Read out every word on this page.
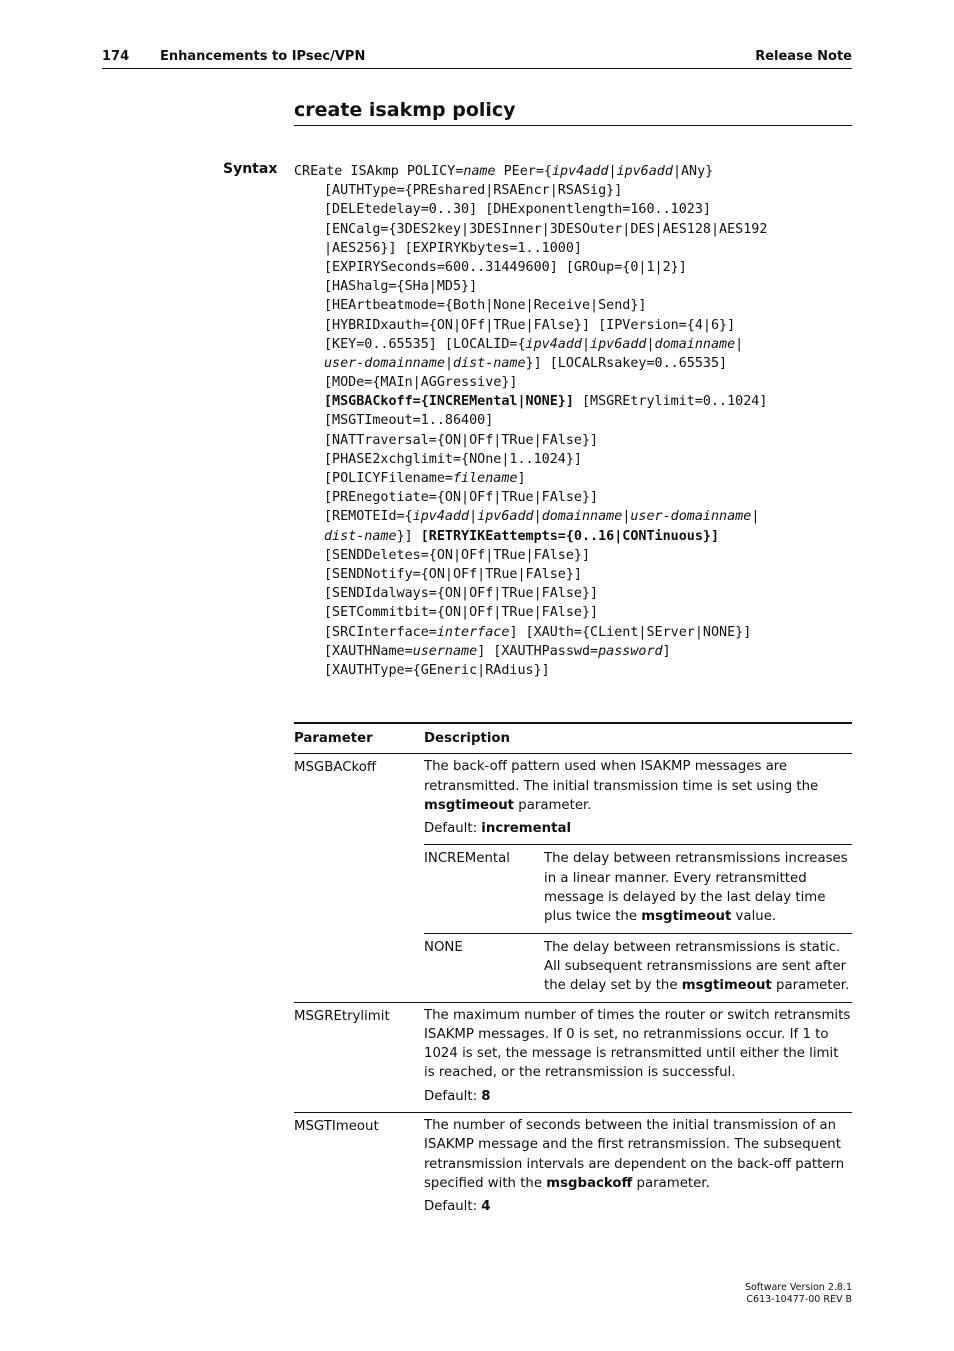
174 Enhancements to IPsec/VPN	Release Note
create isakmp policy
Syntax CREate ISAkmp POLICY=name PEer={ipv4add|ipv6add|ANy}
[AUTHType={PREshared|RSAEncr|RSASig}]
[DELEtedelay=0..30] [DHExponentlength=160..1023]
[ENCalg={3DES2key|3DESInner|3DESOuter|DES|AES128|AES192
|AES256}] [EXPIRYKbytes=1..1000]
[EXPIRYSeconds=600..31449600] [GROup={0|1|2}]
[HAShalg={SHa|MD5}]
[HEArtbeatmode={Both|None|Receive|Send}]
[HYBRIDxauth={ON|OFf|TRue|FAlse}] [IPVersion={4|6}]
[KEY=0..65535] [LOCALID={ipv4add|ipv6add|domainname|
user-domainname|dist-name}] [LOCALRsakey=0..65535]
[MODe={MAIn|AGGressive}]
[MSGBACkoff={INCREMental|NONE}] [MSGREtrylimit=0..1024]
[MSGTImeout=1..86400]
[NATTraversal={ON|OFf|TRue|FAlse}]
[PHASE2xchglimit={NOne|1..1024}]
[POLICYFilename=filename]
[PREnegotiate={ON|OFf|TRue|FAlse}]
[REMOTEId={ipv4add|ipv6add|domainname|user-domainname|
dist-name}] [RETRYIKEattempts={0..16|CONTinuous}]
[SENDDeletes={ON|OFf|TRue|FAlse}]
[SENDNotify={ON|OFf|TRue|FAlse}]
[SENDIdalways={ON|OFf|TRue|FAlse}]
[SETCommitbit={ON|OFf|TRue|FAlse}]
[SRCInterface=interface] [XAUth={CLient|SErver|NONE}]
[XAUTHName=username] [XAUTHPasswd=password]
[XAUTHType={GEneric|RAdius}]
Parameter	Description
MSGBACkoff	The back-off pattern used when ISAKMP messages are retransmitted. The initial transmission time is set using the msgtimeout parameter.

Default: incremental

INCREMental	The delay between retransmissions increases in a linear manner. Every retransmitted message is delayed by the last delay time plus twice the msgtimeout value.
NONE	The delay between retransmissions is static. All subsequent retransmissions are sent after the delay set by the msgtimeout parameter.

MSGREtrylimit	The maximum number of times the router or switch retransmits ISAKMP messages. If 0 is set, no retranmissions occur. If 1 to 1024 is set, the message is retransmitted until either the limit is reached, or the retransmission is successful.

Default: 8

MSGTImeout	The number of seconds between the initial transmission of an ISAKMP message and the first retransmission. The subsequent retransmission intervals are dependent on the back-off pattern specified with the msgbackoff parameter.

Default: 4

Software Version 2.8.1
C613-10477-00 REV B
